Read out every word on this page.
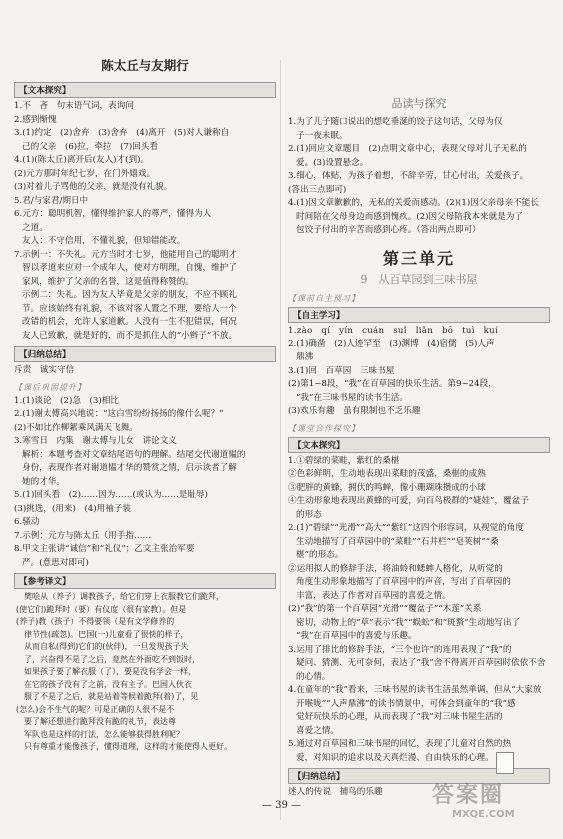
陈太丘与友期行
【文本探究】
1.不　吝　句末语气词，表询问
2.感到惭愧
3.(1)约定　(2)舍弃　(3)舍弃　(4)离开　(5)对人谦称自
己的父亲　(6)拉，牵拉　(7)回头看
4.(1)(陈太丘)离开后(友人)才(到)。
(2)元方那时年纪七岁，在门外嬉戏。
(3)对着儿子骂他的父亲，就是没有礼貌。
5.君/与家君/期日中
6.元方：聪明机智，懂得维护家人的尊严，懂得为人
之道。
友人：不守信用，不懂礼貌，但知错能改。
7.示例一：不失礼。元方当时才七岁，他能用自己的聪明才
智以孝道来应对一个成年人，使对方明理，自愧，维护了
家风，维护了父亲的名誉，这是值得称赞的。
示例二：失礼。因为友人毕竟是父亲的朋友，不应不顾礼
节。应该始终有礼貌，不该对客人置之不理，要给人一个
改错的机会，允许人家道歉。人没有一生不犯错误，何况
友人已致歉，就是好的，而不是抓住人的“小辫子”不放。
【归纳总结】
斥责　诚实守信
【课后巩固提升】
1.(1)谈论　(2)急　(3)相比
2.(1)谢太傅高兴地说：“这白雪纷纷扬扬的像什么呢？”
(2)不如比作柳絮乘风满天飞舞。
3.寒雪日　内集　谢太傅与儿女　讲论文义
解析：本题考查对文章结尾语句的理解。结尾交代谢道韫的
身份，表现作者对谢道韫才华的赞赏之情，启示读者了解
她的才华。
5.(1)回头看　(2)……因为……(或认为……是耻辱)
(3)挑选，(用来)　(4)用袖子装
6.骚动
7.示例：元方与陈太丘（用手指……
8.甲文主张讲“诚信”和“礼仪”；乙文主张治军要
严。(意思对即可)
【参考译文】
樊哙从（养子）调教孩子，给它们穿上衣服教它们跪拜，
(使它们)跪拜时（要）有仪度（很有家教）。但是
(养子)教（孩子）不得要领（是有文学修养的
律节性(疏忽)。巴国(一)儿童看了很快的样子，
从而自私(得到)它们的(伙伴)，一旦发现孩子失
了，兴奋得不是了之后，竟然在外面吃不到饭时，
如果孩子要了解衣服（了），要是没有学会一样，
在它的孩子没有了之前，没有主子。巴国入伙衣
服了不是了之后，就是站着等候着跪拜(着)了，见
(怎么)会不生气的呢？可是正确的人很不是不
要了解还想进行跪拜没有跪的礼节，表达尊
军队也是这样的打法，怎么能够获得胜利呢？
只有尊重才能像孩子，懂得道理，这样的才能使得人更好。
品读与探究
1.为了儿子随口说出的想吃垂涎的饺子这句话，父母为仅
子一夜未眠。
2.(1)回应文章题目　(2)点明文章中心，表现父母对儿子无私的
爱。(3)设置悬念。
3.细心，体贴，为孩子着想，不辞辛劳，甘心付出，关爱孩子。
(答出三点即可)
4.(1)因文章歉歉的，无私的关爱而感动。(2)(1)因父亲母亲不能长
时间陪在父母身边而感到愧疚。(2)因父母陪我本来就是为了
包饺子付出的辛苦而感到心疼。（答出两点即可）
第三单元
9　从百草园到三味书屋
【课前自主预习】
【自主学习】
1.zào　qí　yín　cuán　suǐ　liǎn　bō　tuì　kuí
2.(1)确凿　(2)人迹罕至　(3)渊博　(4)宿儒　(5)人声
鼎沸
3.(1)回　百草园　三味书屋
(2)第1~8段，“我”在百草园的快乐生活。第9~24段，
“我”在三味书屋的读书生活。
(3)欢乐有趣　虽有限制也不乏乐趣
【课堂合作探究】
【文本探究】
1.①碧绿的菜畦，紫红的桑椹
②色彩鲜明，生动地表现出菜畦的茂盛，桑椹的成熟
③肥胖的黄蜂，拥伏的鸣蝉，像小珊瑚珠攒成的小球
④生动形象地表现出黄蜂的可爱，向百鸟极群的“婕娃”，覆盆子
的形态
2.(1)“碧绿”“光滑”“高大”“紫红”这四个形容词，从视觉的角度
生动地描写了百草园中的“菜畦”“石井栏”“皂荚树”“桑
椹”的形态。
②运用拟人的修辞手法，将油蛉和蟋蟀人格化，从听觉的
角度生动形象地描写了百草园中的声音，写出了百草园的
丰富，表达了作者对百草园的喜爱之情。
(2)“我”的第一个百草园“光滑”“覆盆子”“木莲”关系
密切，动物上的“草”表示“我”“蜈蚣”和“斑蝥”生动地写出了
“我”在百草园中的喜爱与乐趣。
3.运用了排比的修辞手法，“三个也许”的连用表现了“我”的
疑问、猜测、无可奈何，表达了“我”舍不得离开百草园时依依不舍
的心情。
4.在童年的“我”看来，三味书屋的读书生活虽然单调，但从“大家放
开喉咙”“人声鼎沸”的读书情景中，可体会到童年的“我”感
觉好玩快乐的心理，从而表现了“我”对三味书屋生活的
喜爱之情。
5.通过对百草园和三味书屋的回忆，表现了儿童对自然的热
爱，对知识的追求以及天真烂漫、自由快乐的心理。
【归纳总结】
迷人的传说　捕鸟的乐趣
— 39 —	答案圈
MXQE.COM
